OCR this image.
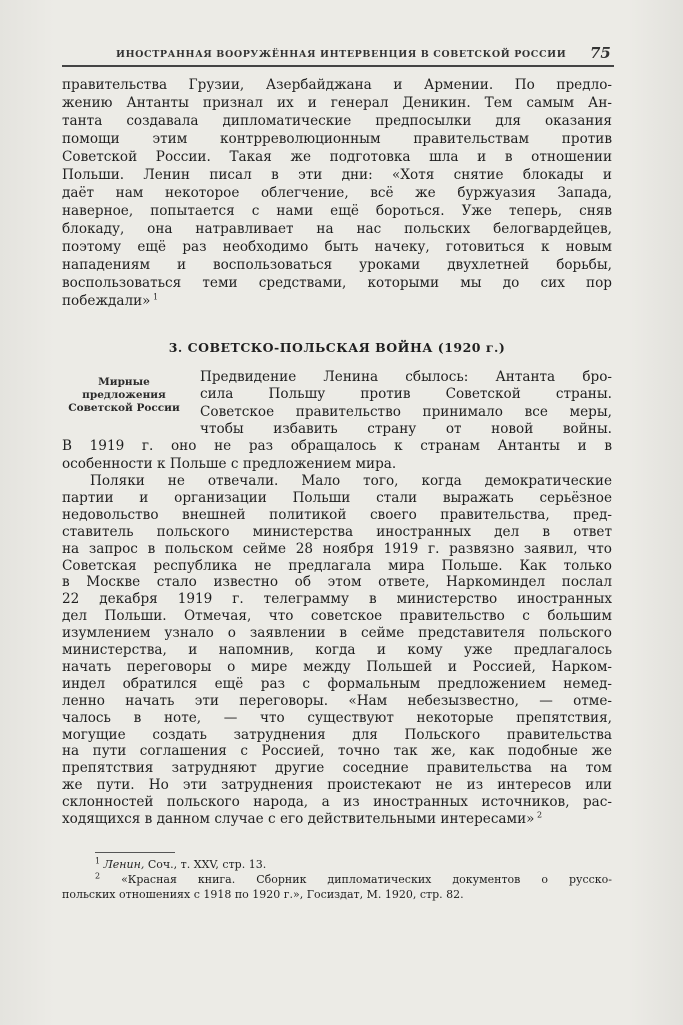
ИНОСТРАННАЯ ВООРУЖЁННАЯ ИНТЕРВЕНЦИЯ В СОВЕТСКОЙ РОССИИ 75
правительства Грузии, Азербайджана и Армении. По предло-
жению Антанты признал их и генерал Деникин. Тем самым Ан-
танта создавала дипломатические предпосылки для оказания
помощи этим контрреволюционным правительствам против
Советской России. Такая же подготовка шла и в отношении
Польши. Ленин писал в эти дни: «Хотя снятие блокады и
даёт нам некоторое облегчение, всё же буржуазия Запада,
наверное, попытается с нами ещё бороться. Уже теперь, сняв
блокаду, она натравливает на нас польских белогвардейцев,
поэтому ещё раз необходимо быть начеку, готовиться к новым
нападениям и воспользоваться уроками двухлетней борьбы,
воспользоваться теми средствами, которыми мы до сих пор
побеждали» $^1$
3. СОВЕТСКО-ПОЛЬСКАЯ ВОЙНА (1920 г.)
Мирные предложения Советской России
Предвидение Ленина сбылось: Антанта бро-
сила Польшу против Советской страны.
Советское правительство принимало все меры,
чтобы избавить страну от новой войны.
В 1919 г. оно не раз обращалось к странам Антанты и в
особенности к Польше с предложением мира.
Поляки не отвечали. Мало того, когда демократические
партии и организации Польши стали выражать серьёзное
недовольство внешней политикой своего правительства, пред-
ставитель польского министерства иностранных дел в ответ
на запрос в польском сейме 28 ноября 1919 г. развязно заявил, что
Советская республика не предлагала мира Польше. Как только
в Москве стало известно об этом ответе, Наркоминдел послал
22 декабря 1919 г. телеграмму в министерство иностранных
дел Польши. Отмечая, что советское правительство с большим
изумлением узнало о заявлении в сейме представителя польского
министерства, и напомнив, когда и кому уже предлагалось
начать переговоры о мире между Польшей и Россией, Нарком-
индел обратился ещё раз с формальным предложением немед-
ленно начать эти переговоры. «Нам небезызвестно, — отме-
чалось в ноте, — что существуют некоторые препятствия,
могущие создать затруднения для Польского правительства
на пути соглашения с Россией, точно так же, как подобные же
препятствия затрудняют другие соседние правительства на том
же пути. Но эти затруднения проистекают не из интересов или
склонностей польского народа, а из иностранных источников, рас-
ходящихся в данном случае с его действительными интересами» $^2$
$^1$ Ленин, Соч., т. XXV, стр. 13.
$^2$ «Красная книга. Сборник дипломатических документов о русско-
польских отношениях с 1918 по 1920 г.», Госиздат, М. 1920, стр. 82.
